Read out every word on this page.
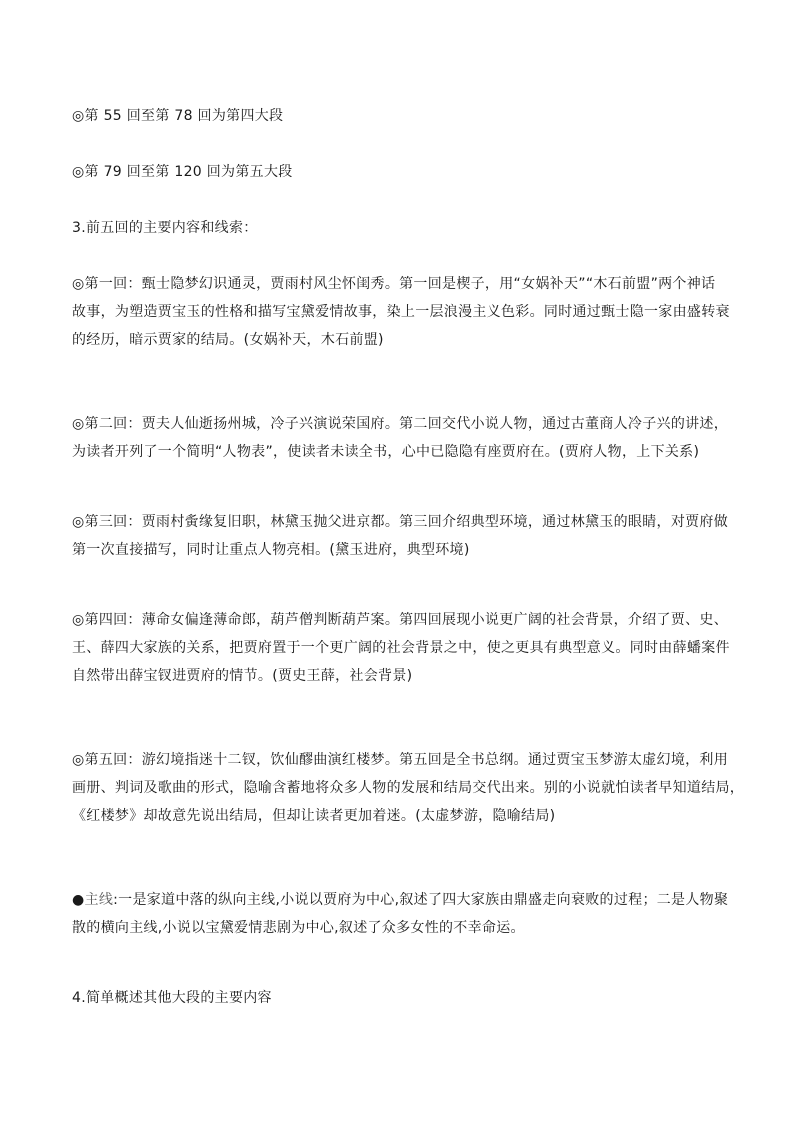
◎第 55 回至第 78 回为第四大段

◎第 79 回至第 120 回为第五大段

3.前五回的主要内容和线索：

◎第一回：甄士隐梦幻识通灵，贾雨村风尘怀闺秀。第一回是楔子，用“女娲补天”“木石前盟”两个神话
故事，为塑造贾宝玉的性格和描写宝黛爱情故事，染上一层浪漫主义色彩。同时通过甄士隐一家由盛转衰
的经历，暗示贾家的结局。(女娲补天，木石前盟)

◎第二回：贾夫人仙逝扬州城，冷子兴演说荣国府。第二回交代小说人物，通过古董商人冷子兴的讲述，
为读者开列了一个简明“人物表”，使读者未读全书，心中已隐隐有座贾府在。(贾府人物，上下关系)

◎第三回：贾雨村夤缘复旧职，林黛玉抛父进京都。第三回介绍典型环境，通过林黛玉的眼睛，对贾府做
第一次直接描写，同时让重点人物亮相。(黛玉进府，典型环境)

◎第四回：薄命女偏逢薄命郎，葫芦僧判断葫芦案。第四回展现小说更广阔的社会背景，介绍了贾、史、
王、薛四大家族的关系，把贾府置于一个更广阔的社会背景之中，使之更具有典型意义。同时由薛蟠案件
自然带出薛宝钗进贾府的情节。(贾史王薛，社会背景)

◎第五回：游幻境指迷十二钗，饮仙醪曲演红楼梦。第五回是全书总纲。通过贾宝玉梦游太虚幻境，利用
画册、判词及歌曲的形式，隐喻含蓄地将众多人物的发展和结局交代出来。别的小说就怕读者早知道结局，
《红楼梦》却故意先说出结局，但却让读者更加着迷。(太虚梦游，隐喻结局)

●主线:一是家道中落的纵向主线,小说以贾府为中心,叙述了四大家族由鼎盛走向衰败的过程；二是人物聚
散的横向主线,小说以宝黛爱情悲剧为中心,叙述了众多女性的不幸命运。

4.简单概述其他大段的主要内容
